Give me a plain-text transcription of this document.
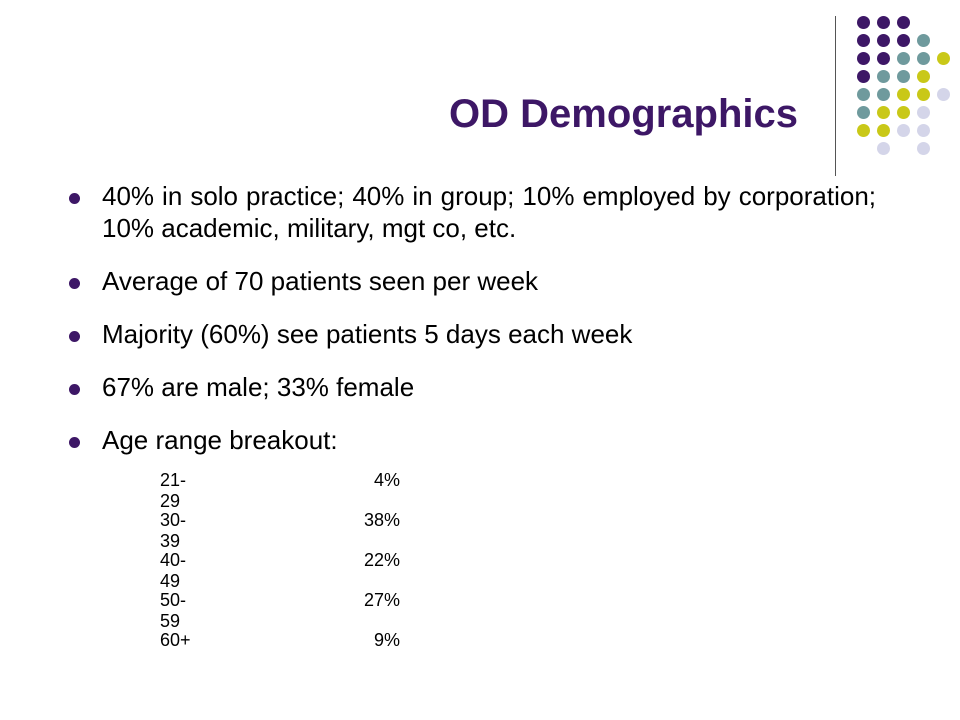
OD Demographics
40% in solo practice; 40% in group; 10% employed by corporation; 10% academic, military, mgt co, etc.
Average of 70 patients seen per week
Majority (60%) see patients 5 days each week
67% are male; 33% female
Age range breakout:
21-29
4%
30-39
38%
40-49
22%
50-59
27%
60+	9%
